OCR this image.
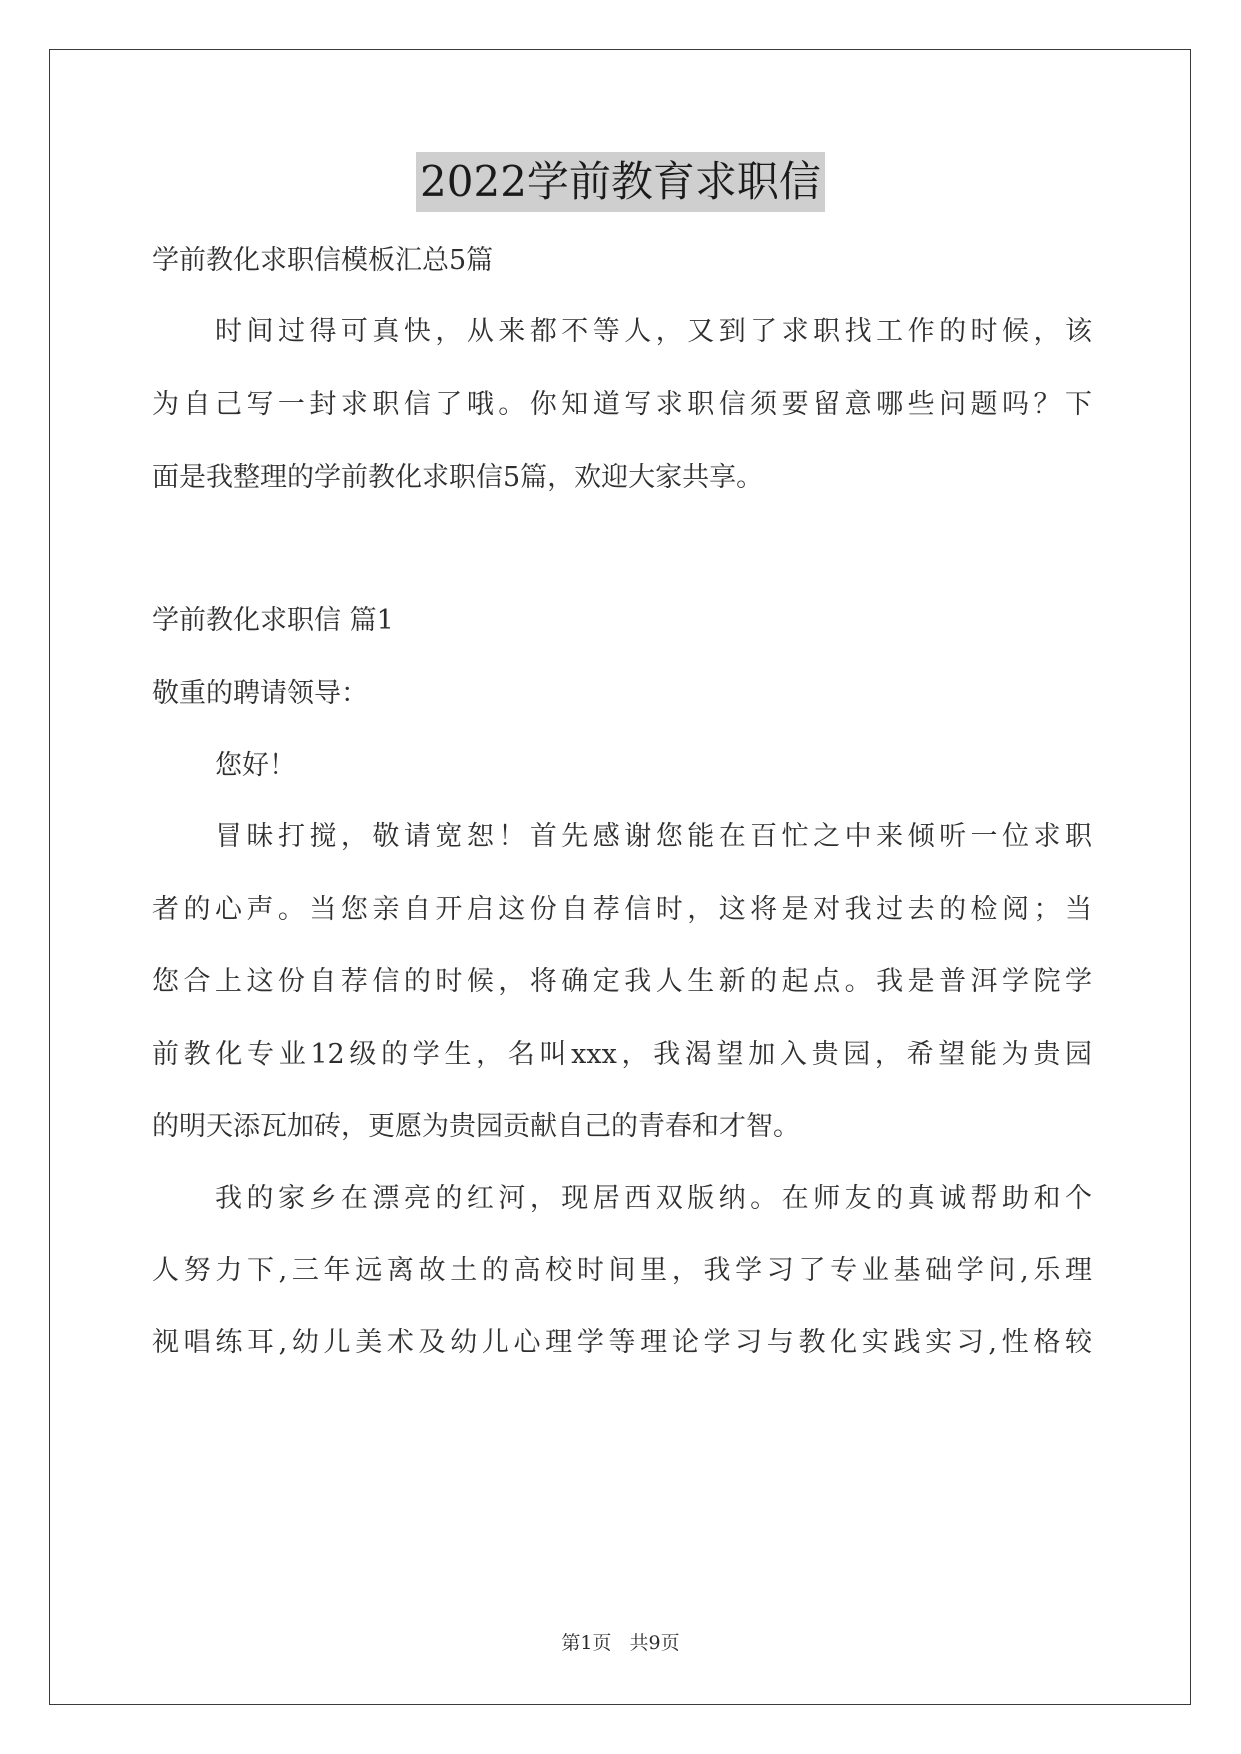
2022学前教育求职信
学前教化求职信模板汇总5篇
时间过得可真快，从来都不等人，又到了求职找工作的时候，该
为自己写一封求职信了哦。你知道写求职信须要留意哪些问题吗？下
面是我整理的学前教化求职信5篇，欢迎大家共享。
学前教化求职信 篇1
敬重的聘请领导：
您好！
冒昧打搅，敬请宽恕！首先感谢您能在百忙之中来倾听一位求职
者的心声。当您亲自开启这份自荐信时，这将是对我过去的检阅；当
您合上这份自荐信的时候，将确定我人生新的起点。我是普洱学院学
前教化专业12级的学生，名叫xxx，我渴望加入贵园，希望能为贵园
的明天添瓦加砖，更愿为贵园贡献自己的青春和才智。
我的家乡在漂亮的红河，现居西双版纳。在师友的真诚帮助和个
人努力下,三年远离故土的高校时间里，我学习了专业基础学问,乐理
视唱练耳,幼儿美术及幼儿心理学等理论学习与教化实践实习,性格较
第1页   共9页
